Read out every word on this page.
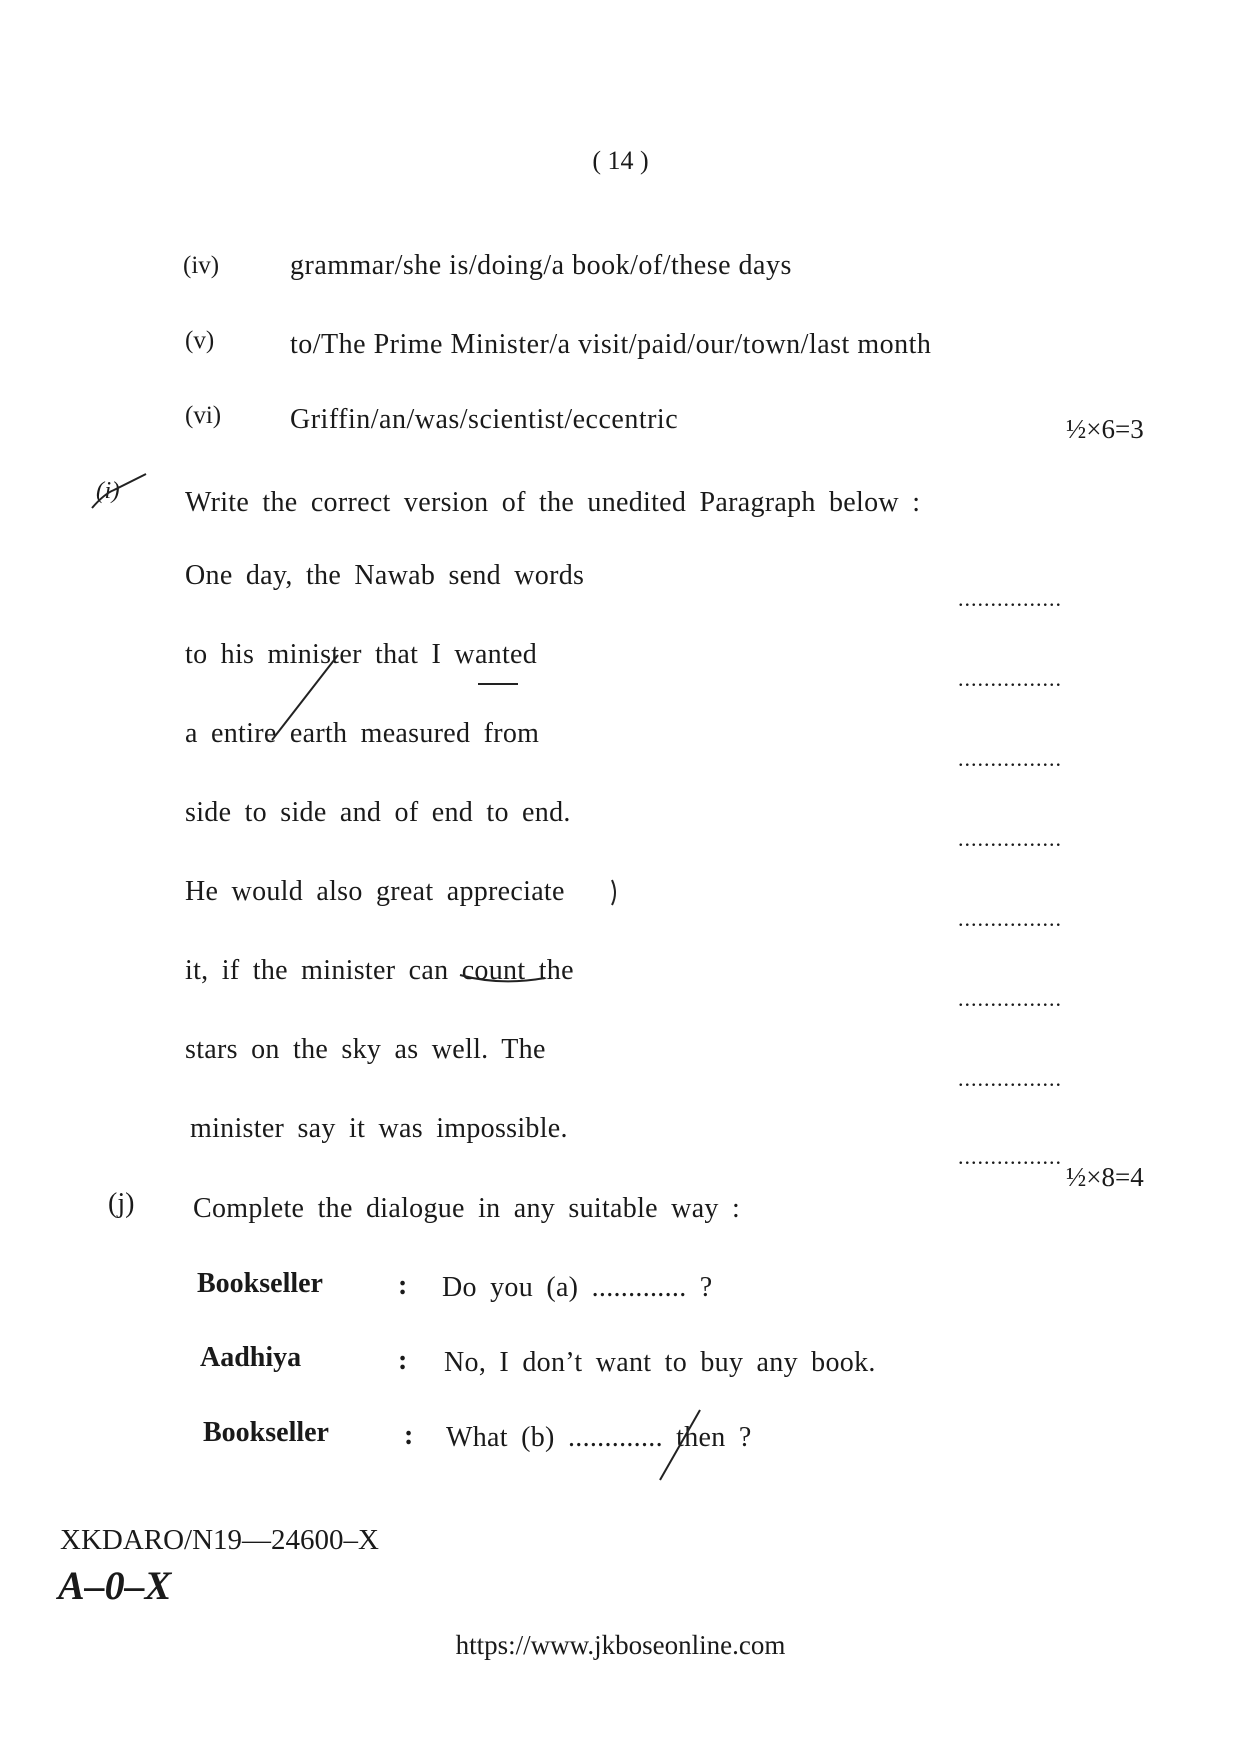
( 14 )
(iv)	grammar/she is/doing/a book/of/these days
(v)	to/The Prime Minister/a visit/paid/our/town/last month
(vi) Griffin/an/was/scientist/eccentric	½×6=3
(i) Write the correct version of the unedited Paragraph below :
One day, the Nawab send words
................
to his minister that I wanted
................
a entire earth measured from
................
side to side and of end to end.
................
He would also great appreciate
................
it, if the minister can count the
................
stars on the sky as well. The
................
minister say it was impossible.
................
½×8=4
(j) Complete the dialogue in any suitable way :
Bookseller	: Do you (a) ............. ?
Aadhiya	: No, I don’t want to buy any book.
Bookseller	: What (b) ............. then ?
XKDARO/N19—24600–X
A–0–X
https://www.jkboseonline.com
